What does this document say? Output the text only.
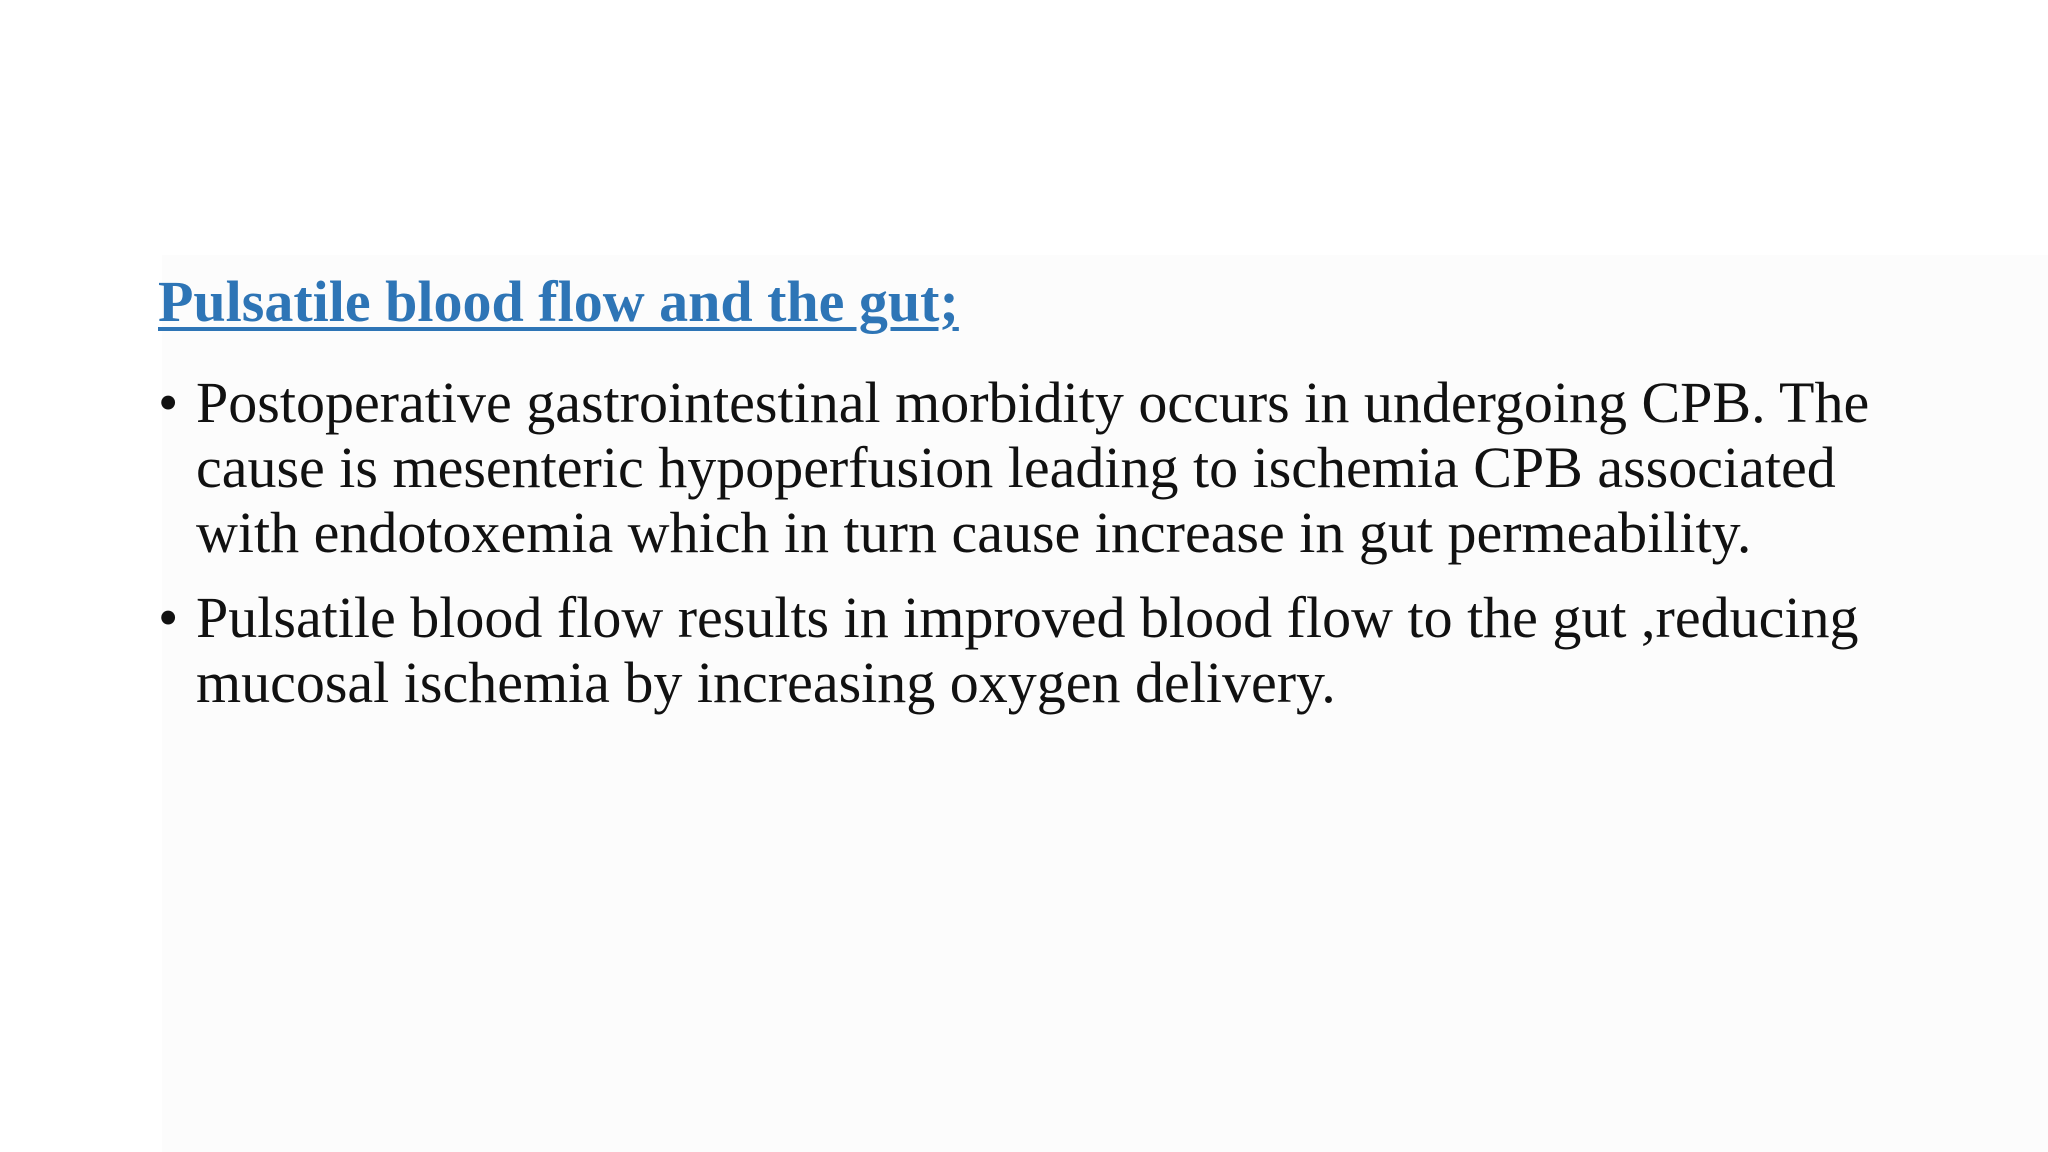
Pulsatile blood flow and the gut;
• Postoperative gastrointestinal morbidity occurs in undergoing CPB. The
cause is mesenteric hypoperfusion leading to ischemia CPB associated
with endotoxemia which in turn cause increase in gut permeability.
• Pulsatile blood flow results in improved blood flow to the gut ,reducing
mucosal ischemia by increasing oxygen delivery.
